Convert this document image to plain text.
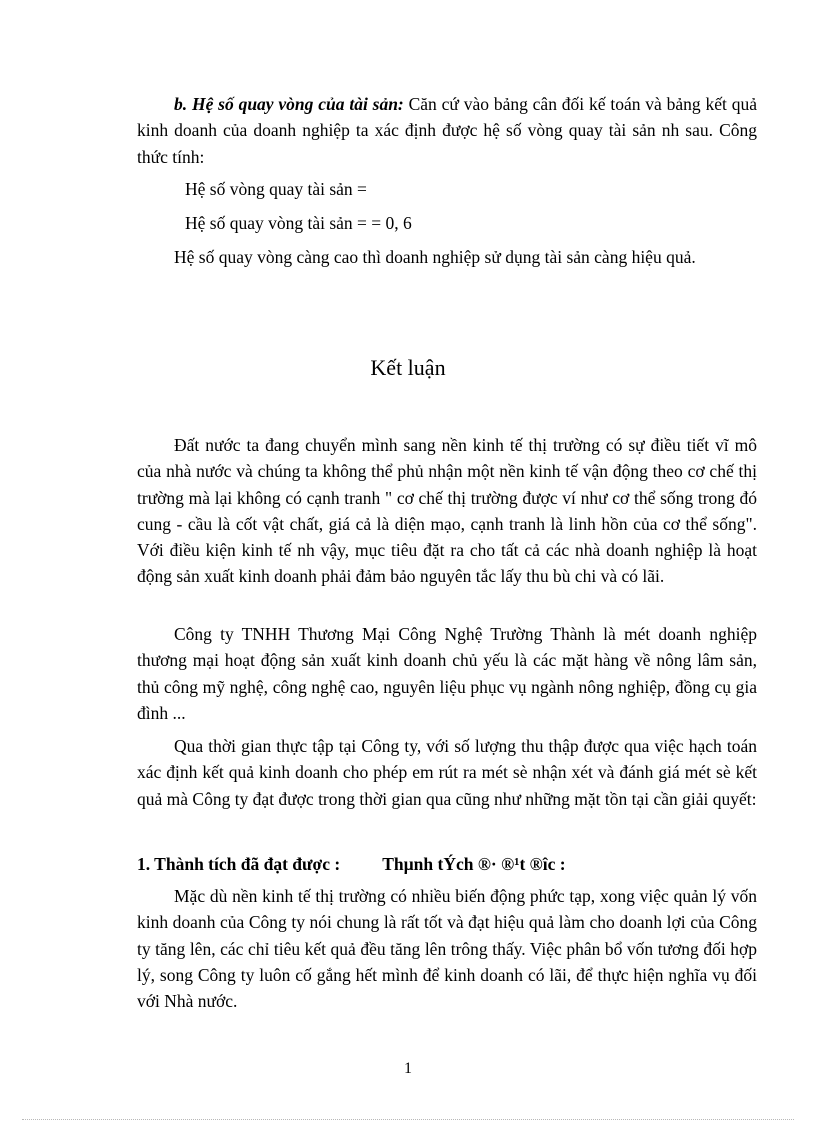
b. Hệ số quay vòng của tài sản: Căn cứ vào bảng cân đối kế toán và bảng kết quả kinh doanh của doanh nghiệp ta xác định được hệ số vòng quay tài sản nh sau. Công thức tính:

Hệ số vòng quay tài sản =

Hệ số quay vòng tài sản = = 0, 6

Hệ số quay vòng càng cao thì doanh nghiệp sử dụng tài sản càng hiệu quả.

Kết luận

Đất nước ta đang chuyển mình sang nền kinh tế thị trường có sự điều tiết vĩ mô của nhà nước và chúng ta không thể phủ nhận một nền kinh tế vận động theo cơ chế thị trường mà lại không có cạnh tranh " cơ chế thị trường được ví như cơ thể sống trong đó cung - cầu là cốt vật chất, giá cả là diện mạo, cạnh tranh là linh hồn của cơ thể sống". Với điều kiện kinh tế nh vậy, mục tiêu đặt ra cho tất cả các nhà doanh nghiệp là hoạt động sản xuất kinh doanh phải đảm bảo nguyên tắc lấy thu bù chi và có lãi.

Công ty TNHH Thương Mại Công Nghệ Trường Thành là mét doanh nghiệp thương mại hoạt động sản xuất kinh doanh chủ yếu là các mặt hàng về nông lâm sản, thủ công mỹ nghệ, công nghệ cao, nguyên liệu phục vụ ngành nông nghiệp, đồng cụ gia đình ...

Qua thời gian thực tập tại Công ty, với số lượng thu thập được qua việc hạch toán xác định kết quả kinh doanh cho phép em rút ra mét sè nhận xét và đánh giá mét sè kết quả mà Công ty đạt được trong thời gian qua cũng như những mặt tồn tại cần giải quyết:

1. Thành tích đã đạt được : Thµnh tÝch ®· ®¹t ®îc :

Mặc dù nền kinh tế thị trường có nhiều biến động phức tạp, xong việc quản lý vốn kinh doanh của Công ty nói chung là rất tốt và đạt hiệu quả làm cho doanh lợi của Công ty tăng lên, các chỉ tiêu kết quả đều tăng lên trông thấy. Việc phân bổ vốn tương đối hợp lý, song Công ty luôn cố gắng hết mình để kinh doanh có lãi, để thực hiện nghĩa vụ đối với Nhà nước.

1
